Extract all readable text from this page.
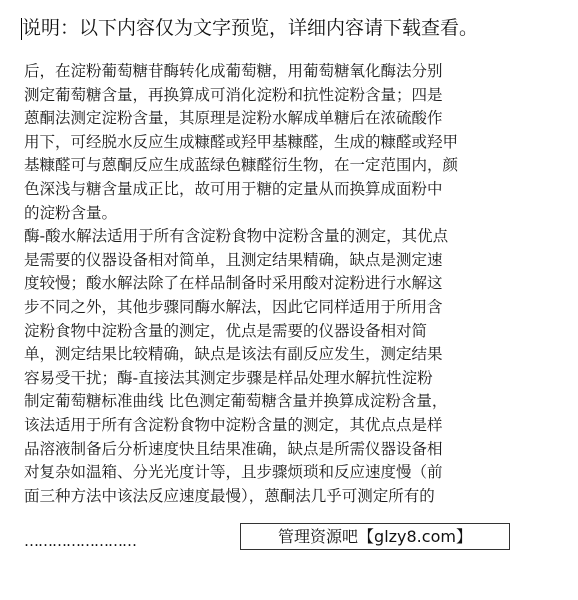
说明：以下内容仅为文字预览，详细内容请下载查看。
后，在淀粉葡萄糖苷酶转化成葡萄糖，用葡萄糖氧化酶法分别
测定葡萄糖含量，再换算成可消化淀粉和抗性淀粉含量；四是
蒽酮法测定淀粉含量，其原理是淀粉水解成单糖后在浓硫酸作
用下，可经脱水反应生成糠醛或羟甲基糠醛，生成的糠醛或羟甲
基糠醛可与蒽酮反应生成蓝绿色糠醛衍生物，在一定范围内，颜
色深浅与糖含量成正比，故可用于糖的定量从而换算成面粉中
的淀粉含量。
酶-酸水解法适用于所有含淀粉食物中淀粉含量的测定，其优点
是需要的仪器设备相对简单，且测定结果精确，缺点是测定速
度较慢；酸水解法除了在样品制备时采用酸对淀粉进行水解这
步不同之外，其他步骤同酶水解法，因此它同样适用于所用含
淀粉食物中淀粉含量的测定，优点是需要的仪器设备相对简
单，测定结果比较精确，缺点是该法有副反应发生，测定结果
容易受干扰；酶-直接法其测定步骤是样品处理水解抗性淀粉
制定葡萄糖标准曲线 比色测定葡萄糖含量并换算成淀粉含量，
该法适用于所有含淀粉食物中淀粉含量的测定，其优点点是样
品溶液制备后分析速度快且结果准确，缺点是所需仪器设备相
对复杂如温箱、分光光度计等，且步骤烦琐和反应速度慢（前
面三种方法中该法反应速度最慢），蒽酮法几乎可测定所有的
……………………	管理资源吧【glzy8.com】
